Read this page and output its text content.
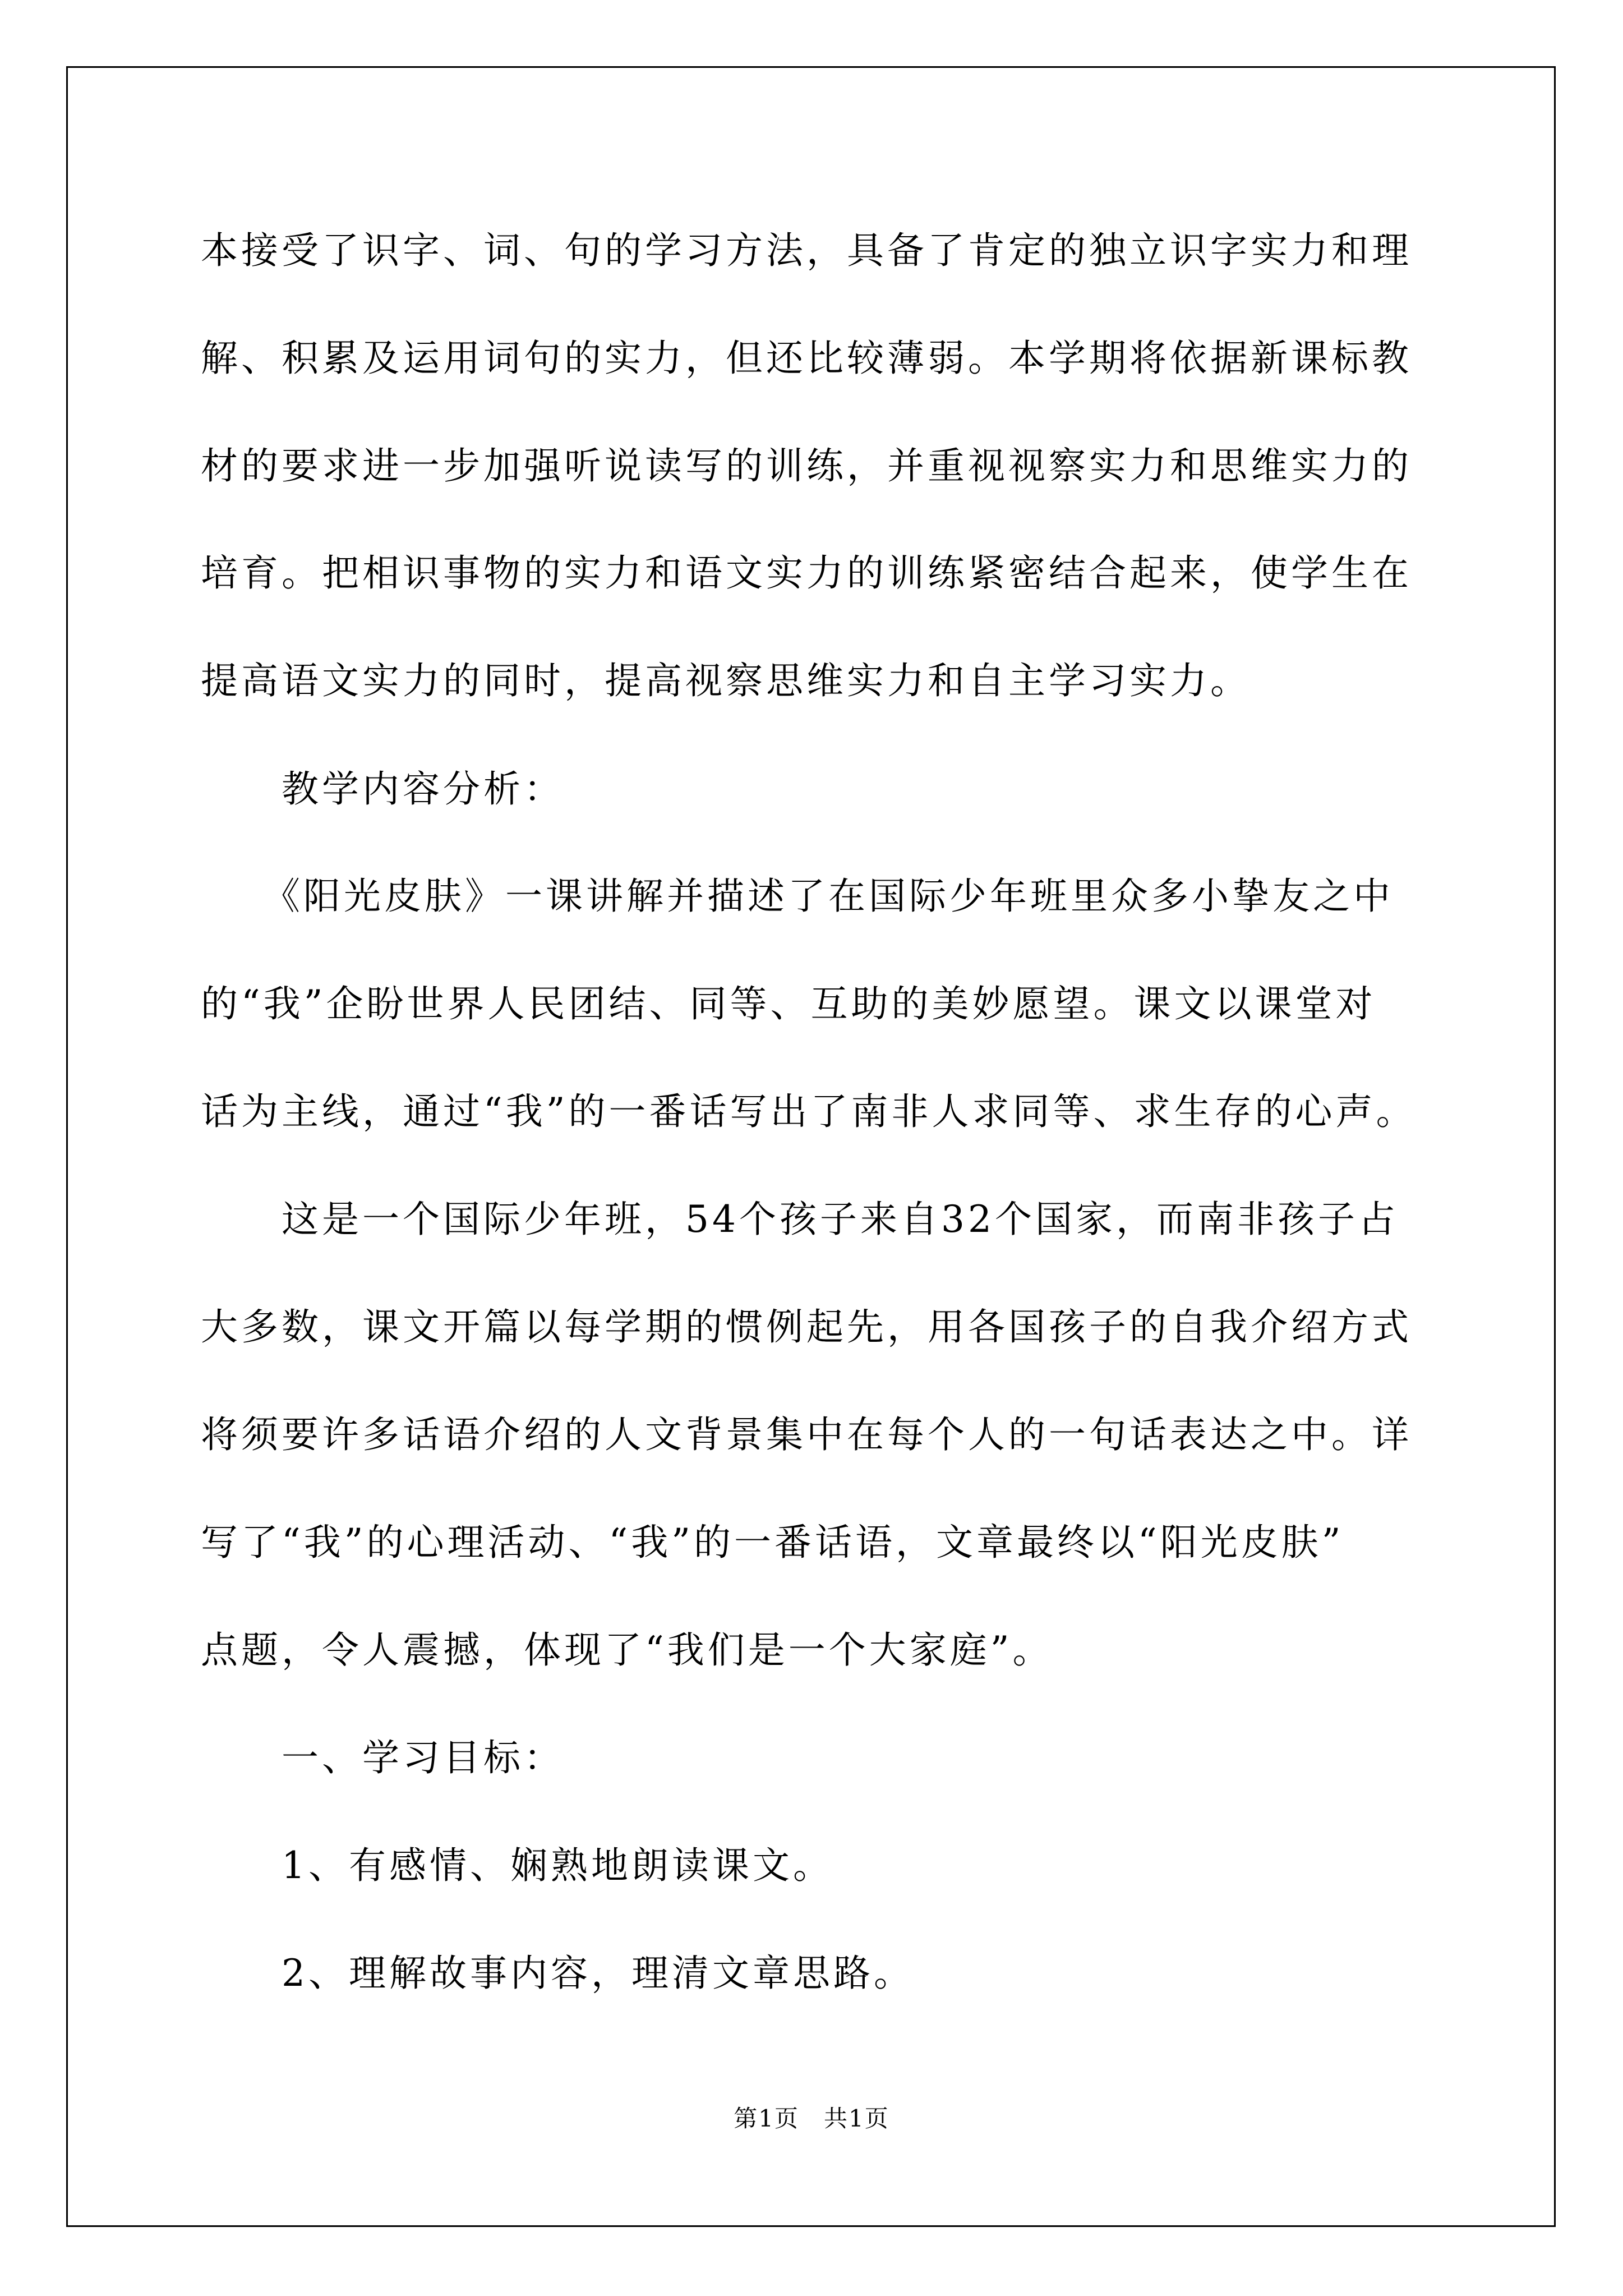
本接受了识字、词、句的学习方法，具备了肯定的独立识字实力和理
解、积累及运用词句的实力，但还比较薄弱。本学期将依据新课标教
材的要求进一步加强听说读写的训练，并重视视察实力和思维实力的
培育。把相识事物的实力和语文实力的训练紧密结合起来，使学生在
提高语文实力的同时，提高视察思维实力和自主学习实力。
　　教学内容分析：
　　《阳光皮肤》一课讲解并描述了在国际少年班里众多小挚友之中
的“我”企盼世界人民团结、同等、互助的美妙愿望。课文以课堂对
话为主线，通过“我”的一番话写出了南非人求同等、求生存的心声。
　　这是一个国际少年班，54个孩子来自32个国家，而南非孩子占
大多数，课文开篇以每学期的惯例起先，用各国孩子的自我介绍方式
将须要许多话语介绍的人文背景集中在每个人的一句话表达之中。详
写了“我”的心理活动、“我”的一番话语，文章最终以“阳光皮肤”
点题，令人震撼，体现了“我们是一个大家庭”。
　　一、学习目标：
　　1、有感情、娴熟地朗读课文。
　　2、理解故事内容，理清文章思路。
第1页　共1页
